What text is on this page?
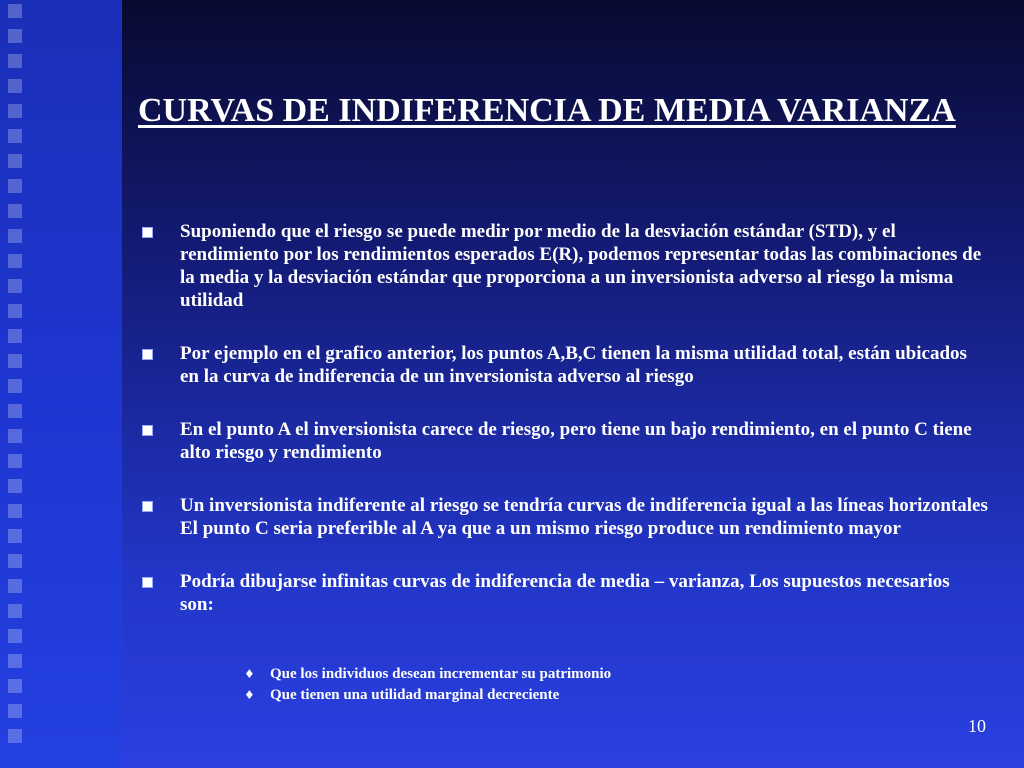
CURVAS DE INDIFERENCIA DE MEDIA VARIANZA
Suponiendo que el riesgo se puede medir por medio de la desviación estándar (STD), y el rendimiento por los rendimientos esperados E(R), podemos representar todas las combinaciones de la media y la desviación estándar que proporciona a un inversionista adverso al riesgo la misma utilidad
Por ejemplo en el grafico anterior, los puntos A,B,C tienen la misma utilidad total, están ubicados en la curva de indiferencia de un inversionista adverso al riesgo
En el punto A el inversionista carece de riesgo, pero tiene un bajo rendimiento, en el punto C tiene alto riesgo y rendimiento
Un inversionista indiferente al riesgo se tendría curvas de indiferencia igual a las líneas horizontales El punto C seria preferible al A ya que a un mismo riesgo produce un rendimiento mayor
Podría dibujarse infinitas curvas de indiferencia de media – varianza, Los supuestos necesarios son:
♦ Que los individuos desean incrementar su patrimonio
♦ Que tienen una utilidad marginal decreciente
10
